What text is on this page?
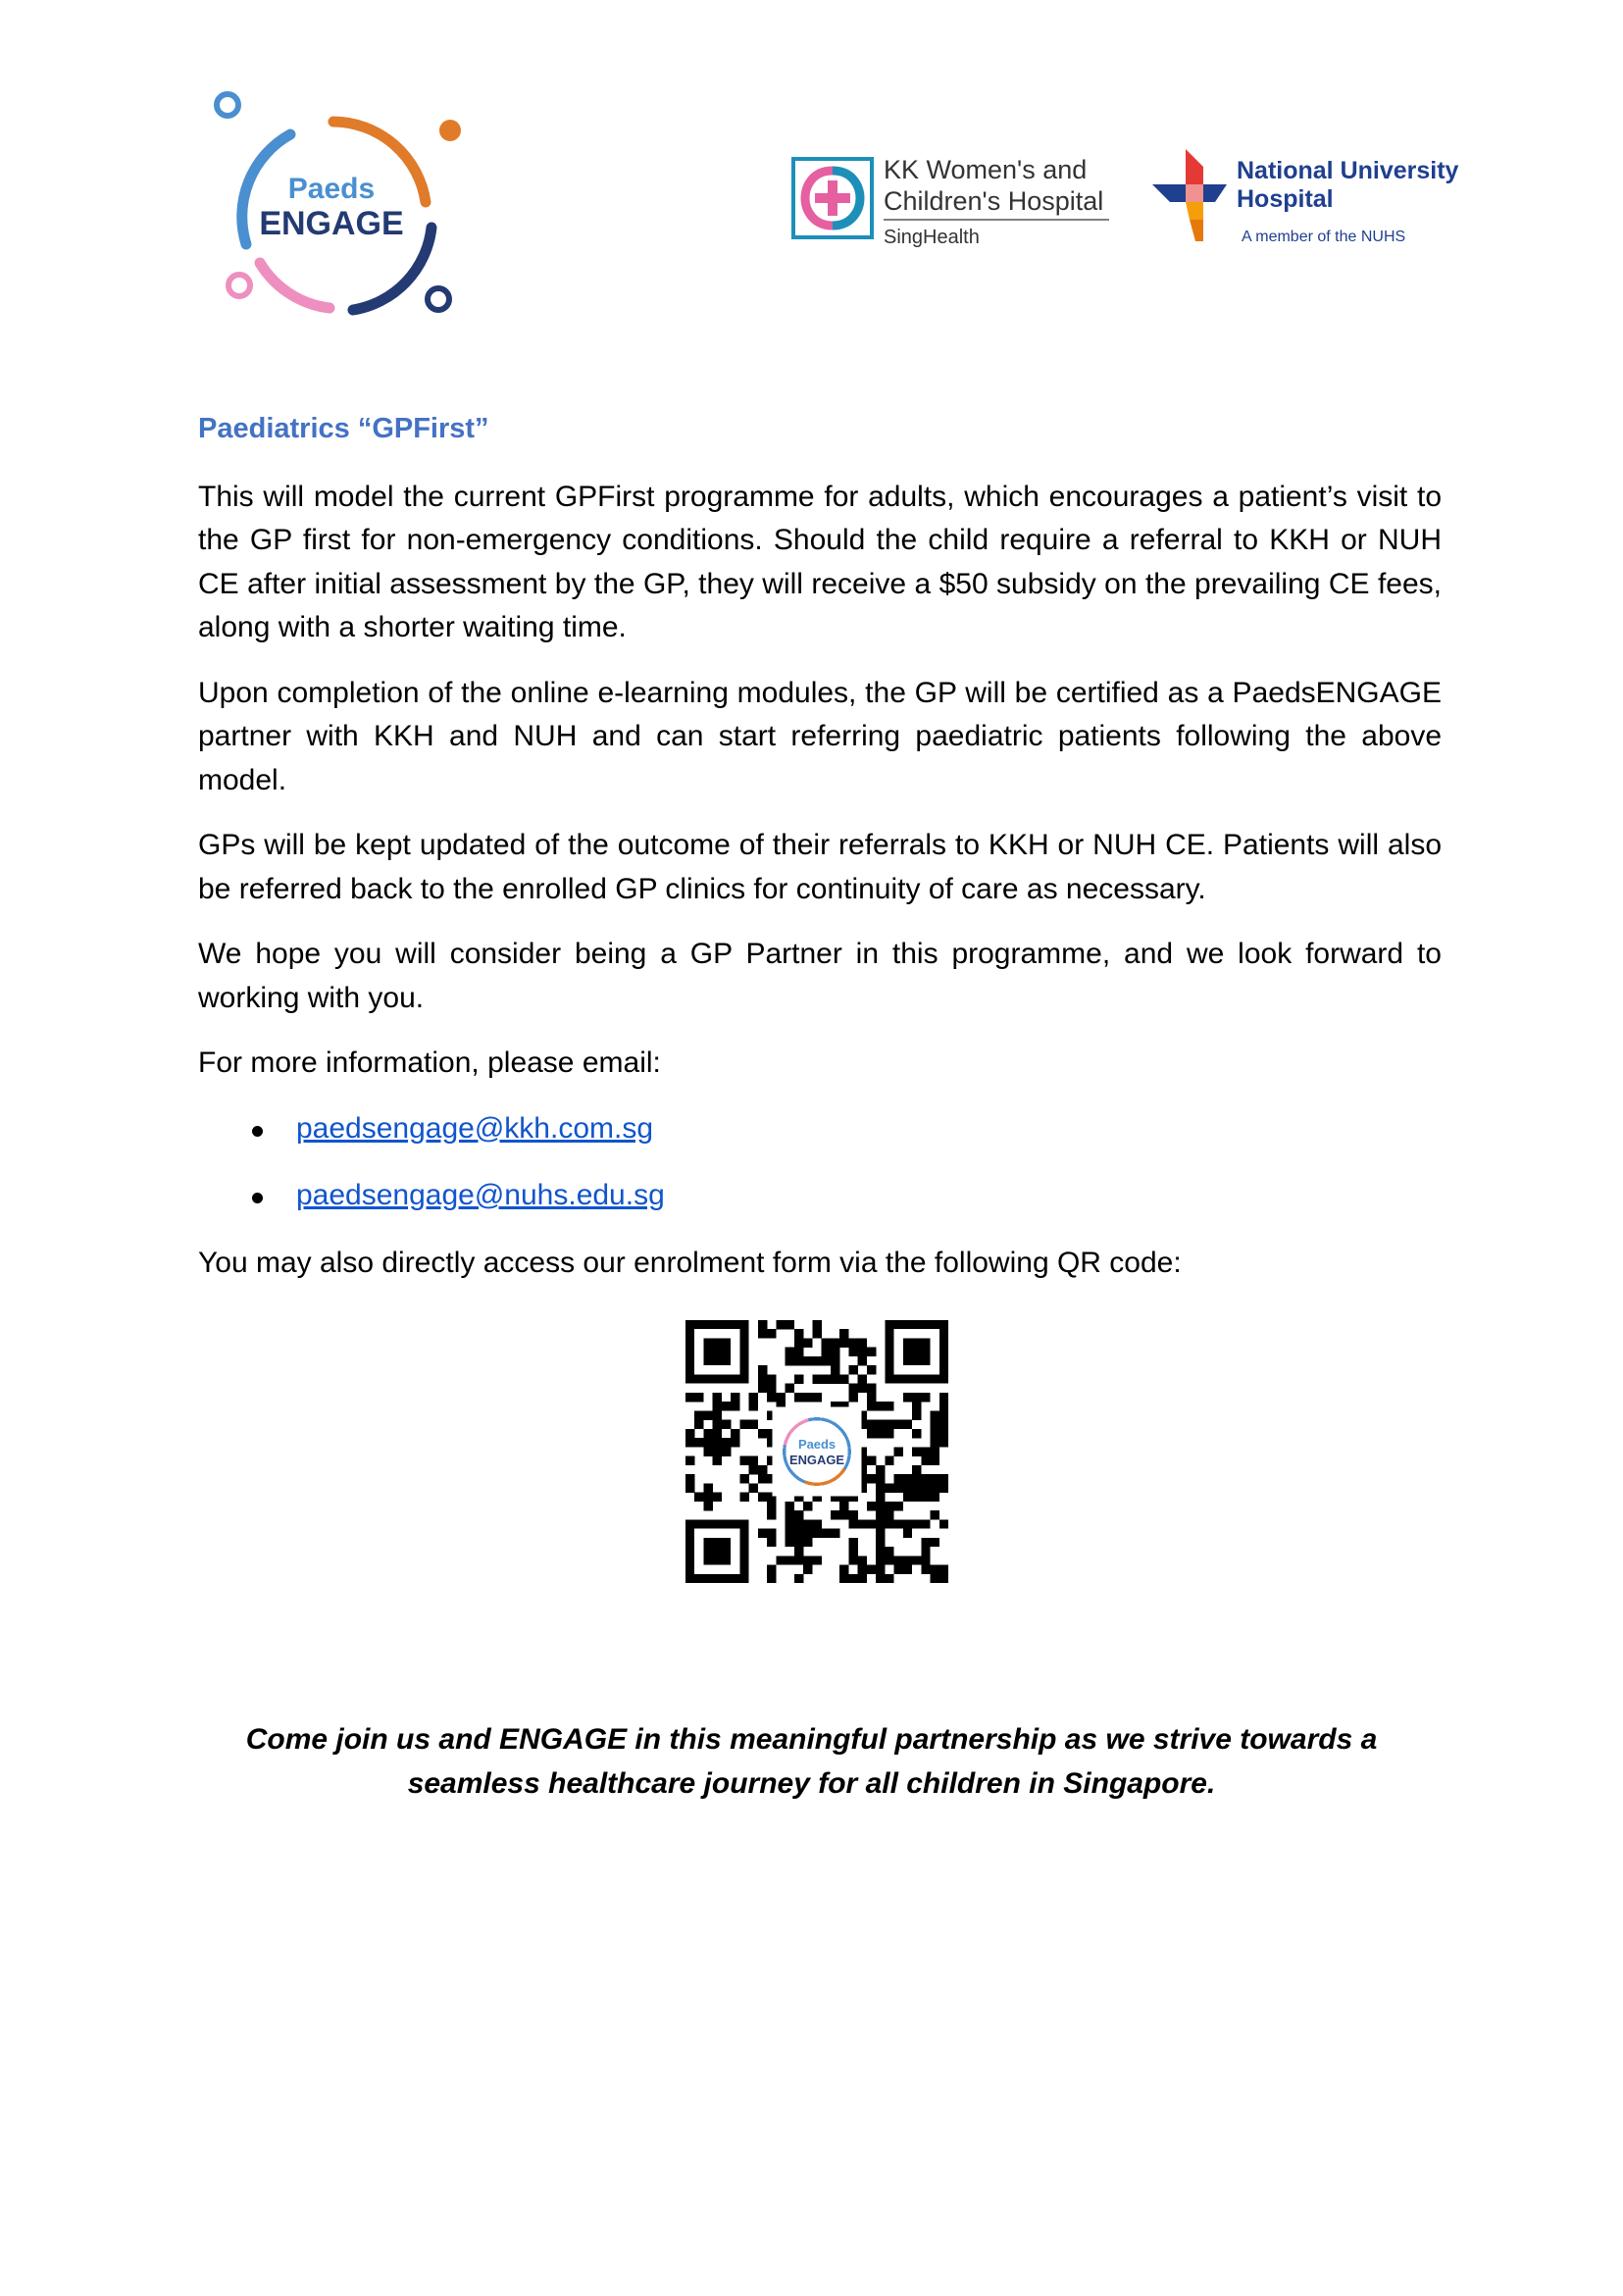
Paeds
ENGAGE
KK Women's and
Children's Hospital
SingHealth
National University
Hospital
A member of the NUHS
Paediatrics “GPFirst”

This will model the current GPFirst programme for adults, which encourages a patient’s visit to the GP first for non-emergency conditions. Should the child require a referral to KKH or NUH CE after initial assessment by the GP, they will receive a $50 subsidy on the prevailing CE fees, along with a shorter waiting time.

Upon completion of the online e-learning modules, the GP will be certified as a PaedsENGAGE partner with KKH and NUH and can start referring paediatric patients following the above model.

GPs will be kept updated of the outcome of their referrals to KKH or NUH CE. Patients will also be referred back to the enrolled GP clinics for continuity of care as necessary.

We hope you will consider being a GP Partner in this programme, and we look forward to working with you.

For more information, please email:

paedsengage@kkh.com.sg
paedsengage@nuhs.edu.sg

You may also directly access our enrolment form via the following QR code:

Paeds
ENGAGE
Come join us and ENGAGE in this meaningful partnership as we strive towards a seamless healthcare journey for all children in Singapore.
